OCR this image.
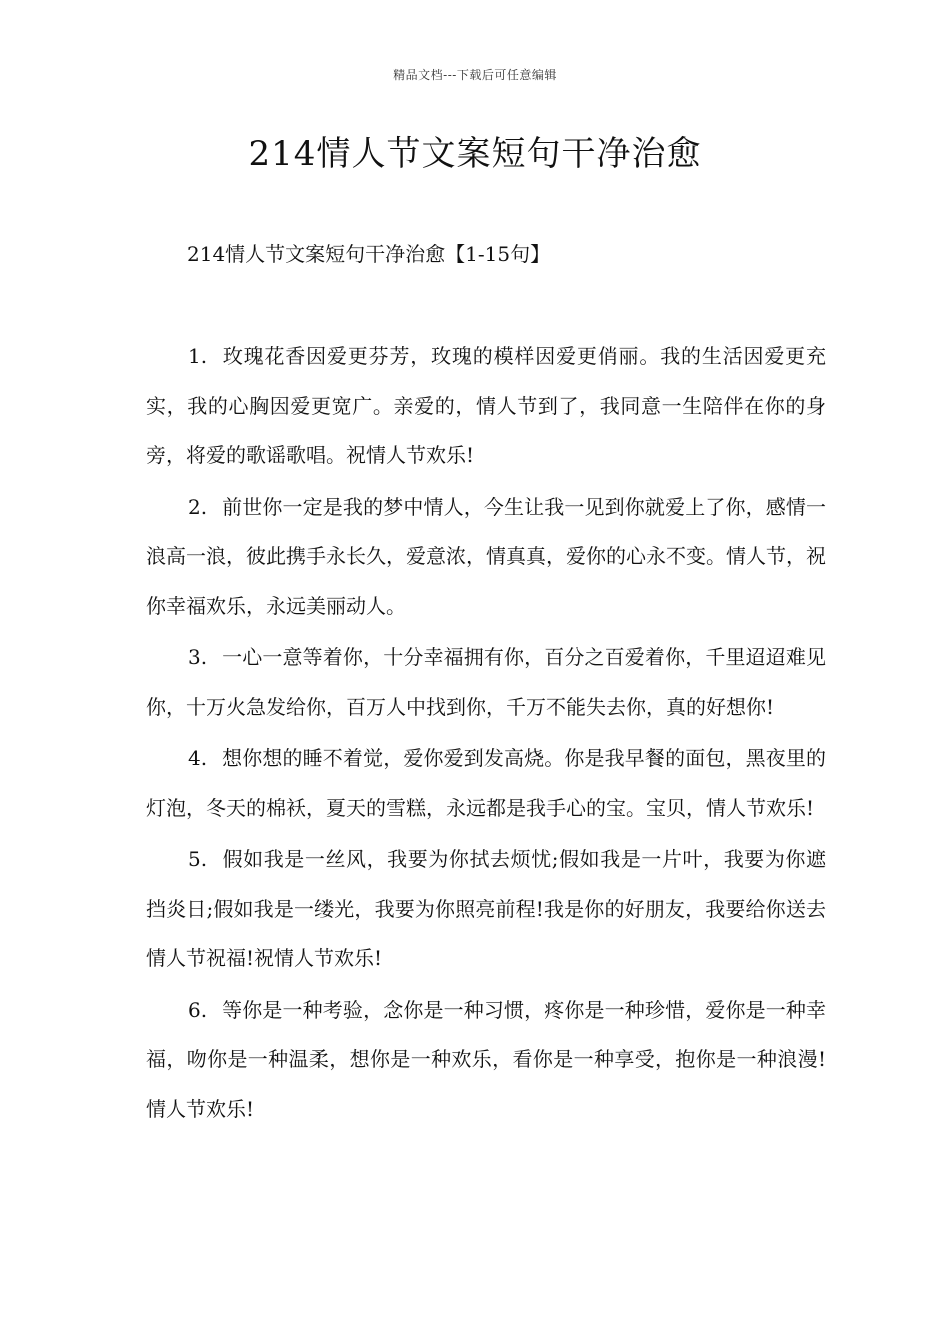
精品文档---下载后可任意编辑
214情人节文案短句干净治愈

214情人节文案短句干净治愈【1-15句】

1. 玫瑰花香因爱更芬芳，玫瑰的模样因爱更俏丽。我的生活因爱更充实，我的心胸因爱更宽广。亲爱的，情人节到了，我同意一生陪伴在你的身旁，将爱的歌谣歌唱。祝情人节欢乐!

2. 前世你一定是我的梦中情人，今生让我一见到你就爱上了你，感情一浪高一浪，彼此携手永长久，爱意浓，情真真，爱你的心永不变。情人节，祝你幸福欢乐，永远美丽动人。

3. 一心一意等着你，十分幸福拥有你，百分之百爱着你，千里迢迢难见你，十万火急发给你，百万人中找到你，千万不能失去你，真的好想你!

4. 想你想的睡不着觉，爱你爱到发高烧。你是我早餐的面包，黑夜里的灯泡，冬天的棉袄，夏天的雪糕，永远都是我手心的宝。宝贝，情人节欢乐!

5. 假如我是一丝风，我要为你拭去烦忧;假如我是一片叶，我要为你遮挡炎日;假如我是一缕光，我要为你照亮前程!我是你的好朋友，我要给你送去情人节祝福!祝情人节欢乐!

6. 等你是一种考验，念你是一种习惯，疼你是一种珍惜，爱你是一种幸福，吻你是一种温柔，想你是一种欢乐，看你是一种享受，抱你是一种浪漫!情人节欢乐!
